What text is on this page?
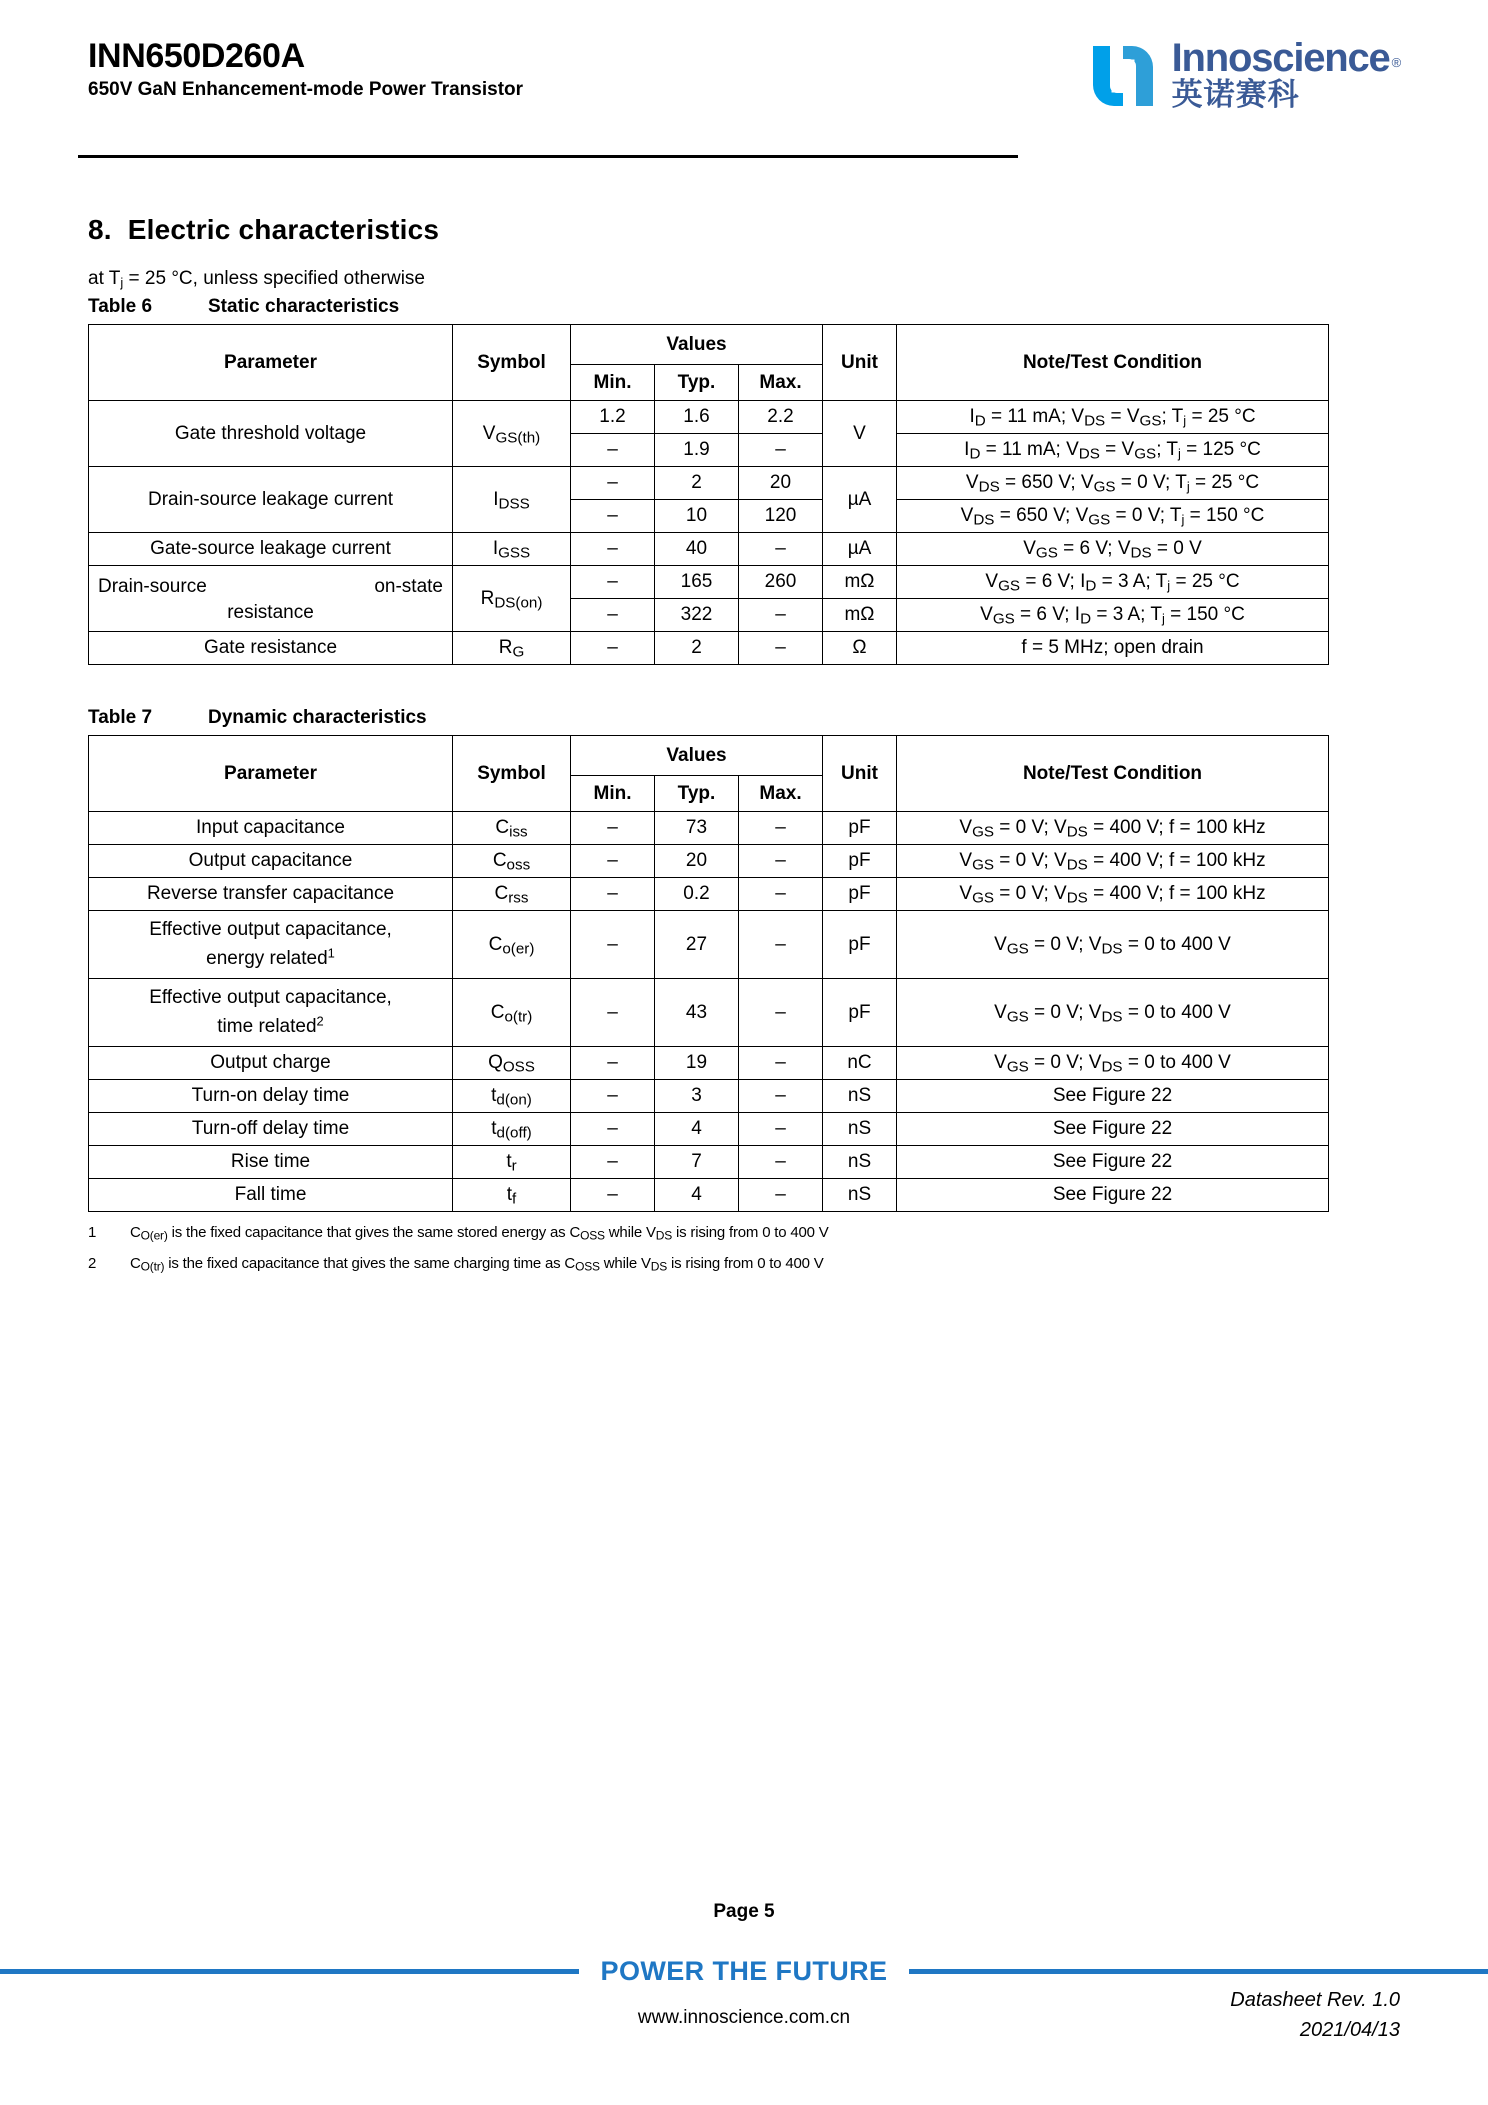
INN650D260A
650V GaN Enhancement-mode Power Transistor
Innoscience ®
英诺赛科
8. Electric characteristics

at $T_j = 25$ °C, unless specified otherwise

Table 6	Static characteristics

Parameter	Symbol	Values			Unit	Note/Test Condition
		Min.	Typ.	Max.		
Gate threshold voltage	$V_{GS(th)}$	1.2	1.6	2.2	V	$I_D = 11$ mA; $V_{DS} = V_{GS}$; $T_j = 25$ °C
		–	1.9	–		$I_D = 11$ mA; $V_{DS} = V_{GS}$; $T_j = 125$ °C
Drain-source leakage current	$I_{DSS}$	–	2	20	µA	$V_{DS} = 650$ V; $V_{GS} = 0$ V; $T_j = 25$ °C
		–	10	120		$V_{DS} = 650$ V; $V_{GS} = 0$ V; $T_j = 150$ °C
Gate-source leakage current	$I_{GSS}$	–	40	–	µA	$V_{GS} = 6$ V; $V_{DS} = 0$ V

Drain-source on-state
resistance	$R_{DS(on)}$	–	165	260	mΩ	$V_{GS} = 6$ V; $I_D = 3$ A; $T_j = 25$ °C
		–	322	–	mΩ	$V_{GS} = 6$ V; $I_D = 3$ A; $T_j = 150$ °C
Gate resistance	$R_G$	–	2	–	Ω	f = 5 MHz; open drain

Table 7	Dynamic characteristics

Parameter	Symbol	Values			Unit	Note/Test Condition
		Min.	Typ.	Max.		
Input capacitance	$C_{iss}$	–	73	–	pF	$V_{GS} = 0$ V; $V_{DS} = 400$ V; f = 100 kHz
Output capacitance	$C_{oss}$	–	20	–	pF	$V_{GS} = 0$ V; $V_{DS} = 400$ V; f = 100 kHz
Reverse transfer capacitance	$C_{rss}$	–	0.2	–	pF	$V_{GS} = 0$ V; $V_{DS} = 400$ V; f = 100 kHz

Effective output capacitance,
energy related$^1$	$C_{o(er)}$	–	27	–	pF	$V_{GS} = 0$ V; $V_{DS} = 0$ to 400 V

Effective output capacitance,
time related$^2$	$C_{o(tr)}$	–	43	–	pF	$V_{GS} = 0$ V; $V_{DS} = 0$ to 400 V
Output charge	$Q_{OSS}$	–	19	–	nC	$V_{GS} = 0$ V; $V_{DS} = 0$ to 400 V
Turn-on delay time	$t_{d(on)}$	–	3	–	nS	See Figure 22
Turn-off delay time	$t_{d(off)}$	–	4	–	nS	See Figure 22
Rise time	$t_r$	–	7	–	nS	See Figure 22
Fall time	$t_f$	–	4	–	nS	See Figure 22
1	$C_{O(er)}$ is the fixed capacitance that gives the same stored energy as $C_{OSS}$ while $V_{DS}$ is rising from 0 to 400 V
2	$C_{O(tr)}$ is the fixed capacitance that gives the same charging time as $C_{OSS}$ while $V_{DS}$ is rising from 0 to 400 V
Page 5
POWER THE FUTURE
www.innoscience.com.cn
Datasheet Rev. 1.0
2021/04/13
